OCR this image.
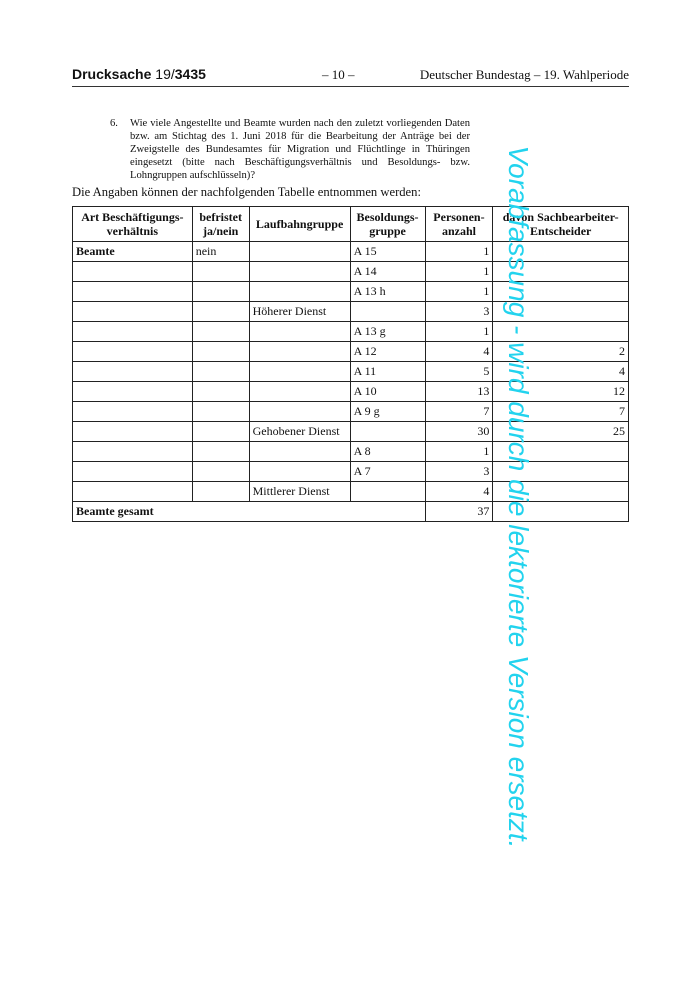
Drucksache 19/3435	– 10 –	Deutscher Bundestag – 19. Wahlperiode
6. Wie viele Angestellte und Beamte wurden nach den zuletzt vorliegenden Daten bzw. am Stichtag des 1. Juni 2018 für die Bearbeitung der Anträge bei der Zweigstelle des Bundesamtes für Migration und Flüchtlinge in Thüringen eingesetzt (bitte nach Beschäftigungsverhältnis und Besoldungs- bzw. Lohngruppen aufschlüsseln)?
Die Angaben können der nachfolgenden Tabelle entnommen werden:
Art Beschäftigungs-
verhältnis	befristet
ja/nein	Laufbahngruppe	Besoldungs-
gruppe	Personen-
anzahl	davon Sachbearbeiter-
Entscheider
Beamte	nein		A 15	1	
			A 14	1	
			A 13 h	1	
		Höherer Dienst		3	
			A 13 g	1	
			A 12	4	2
			A 11	5	4
			A 10	13	12
			A 9 g	7	7
		Gehobener Dienst		30	25
			A 8	1	
			A 7	3	
		Mittlerer Dienst		4	
Beamte gesamt				37	Vorabfassung - wird durch die lektorierte Version ersetzt.
